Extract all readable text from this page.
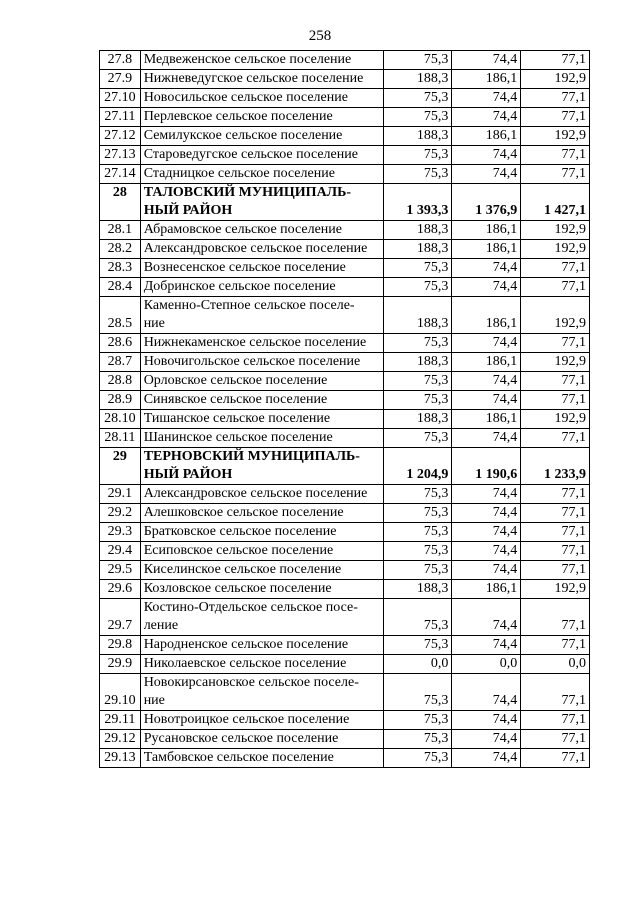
258
27.8	Медвеженское сельское поселение	75,3	74,4	77,1
27.9	Нижневедугское сельское поселение	188,3	186,1	192,9
27.10	Новосильское сельское поселение	75,3	74,4	77,1
27.11	Перлевское сельское поселение	75,3	74,4	77,1
27.12	Семилукское сельское поселение	188,3	186,1	192,9
27.13	Староведугское сельское поселение	75,3	74,4	77,1
27.14	Стадницкое сельское поселение	75,3	74,4	77,1
28	ТАЛОВСКИЙ МУНИЦИПАЛЬ-
НЫЙ РАЙОН	1 393,3	1 376,9	1 427,1
28.1	Абрамовское сельское поселение	188,3	186,1	192,9
28.2	Александровское сельское поселение	188,3	186,1	192,9
28.3	Вознесенское сельское поселение	75,3	74,4	77,1
28.4	Добринское сельское поселение	75,3	74,4	77,1
28.5	Каменно-Степное сельское поселе-
ние	188,3	186,1	192,9
28.6	Нижнекаменское сельское поселение	75,3	74,4	77,1
28.7	Новочигольское сельское поселение	188,3	186,1	192,9
28.8	Орловское сельское поселение	75,3	74,4	77,1
28.9	Синявское сельское поселение	75,3	74,4	77,1
28.10	Тишанское сельское поселение	188,3	186,1	192,9
28.11	Шанинское сельское поселение	75,3	74,4	77,1
29	ТЕРНОВСКИЙ МУНИЦИПАЛЬ-
НЫЙ РАЙОН	1 204,9	1 190,6	1 233,9
29.1	Александровское сельское поселение	75,3	74,4	77,1
29.2	Алешковское сельское поселение	75,3	74,4	77,1
29.3	Братковское сельское поселение	75,3	74,4	77,1
29.4	Есиповское сельское поселение	75,3	74,4	77,1
29.5	Киселинское сельское поселение	75,3	74,4	77,1
29.6	Козловское сельское поселение	188,3	186,1	192,9
29.7	Костино-Отдельское сельское посе-
ление	75,3	74,4	77,1
29.8	Народненское сельское поселение	75,3	74,4	77,1
29.9	Николаевское сельское поселение	0,0	0,0	0,0
29.10	Новокирсановское сельское поселе-
ние	75,3	74,4	77,1
29.11	Новотроицкое сельское поселение	75,3	74,4	77,1
29.12	Русановское сельское поселение	75,3	74,4	77,1
29.13	Тамбовское сельское поселение	75,3	74,4	77,1
